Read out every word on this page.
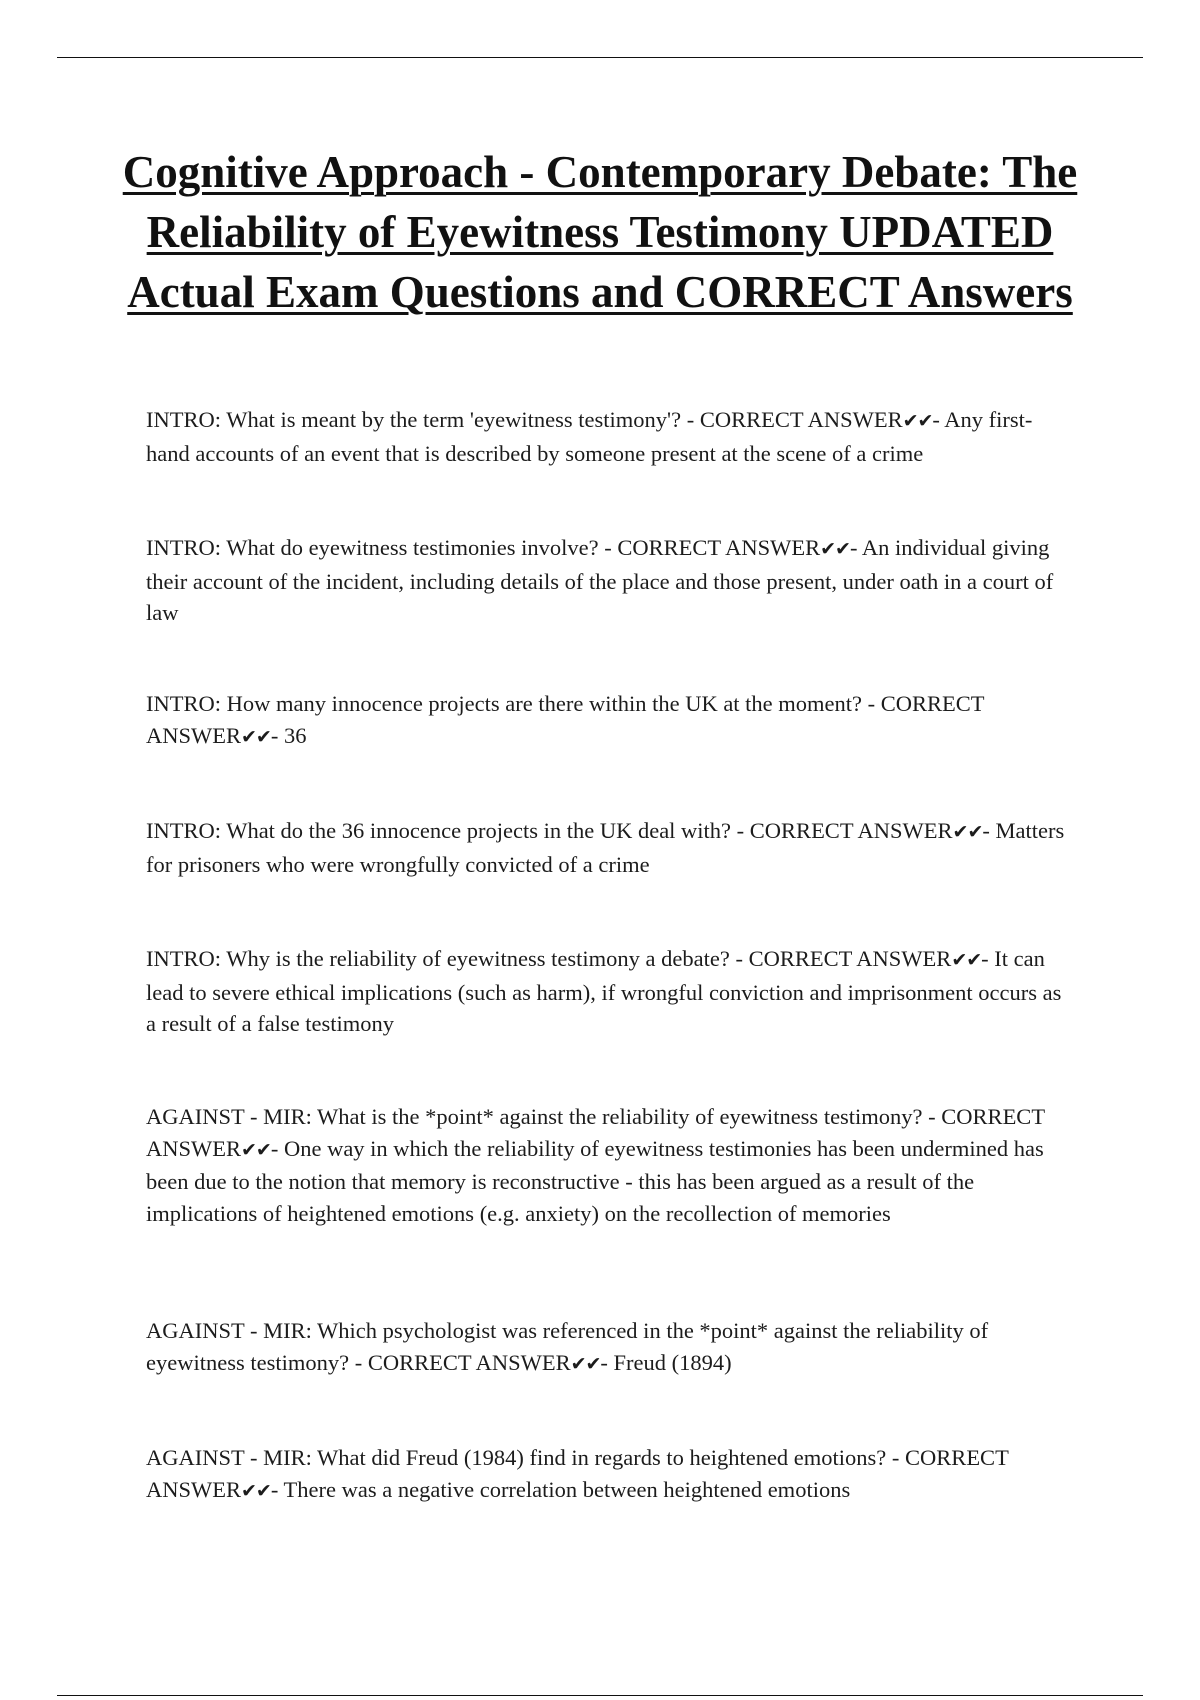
Cognitive Approach - Contemporary Debate: The Reliability of Eyewitness Testimony UPDATED Actual Exam Questions and CORRECT Answers
INTRO: What is meant by the term 'eyewitness testimony'? - CORRECT ANSWER✔✔- Any first-hand accounts of an event that is described by someone present at the scene of a crime
INTRO: What do eyewitness testimonies involve? - CORRECT ANSWER✔✔- An individual giving their account of the incident, including details of the place and those present, under oath in a court of law
INTRO: How many innocence projects are there within the UK at the moment? - CORRECT ANSWER✔✔- 36
INTRO: What do the 36 innocence projects in the UK deal with? - CORRECT ANSWER✔✔- Matters for prisoners who were wrongfully convicted of a crime
INTRO: Why is the reliability of eyewitness testimony a debate? - CORRECT ANSWER✔✔- It can lead to severe ethical implications (such as harm), if wrongful conviction and imprisonment occurs as a result of a false testimony
AGAINST - MIR: What is the *point* against the reliability of eyewitness testimony? - CORRECT ANSWER✔✔- One way in which the reliability of eyewitness testimonies has been undermined has been due to the notion that memory is reconstructive - this has been argued as a result of the implications of heightened emotions (e.g. anxiety) on the recollection of memories
AGAINST - MIR: Which psychologist was referenced in the *point* against the reliability of eyewitness testimony? - CORRECT ANSWER✔✔- Freud (1894)
AGAINST - MIR: What did Freud (1984) find in regards to heightened emotions? - CORRECT ANSWER✔✔- There was a negative correlation between heightened emotions
